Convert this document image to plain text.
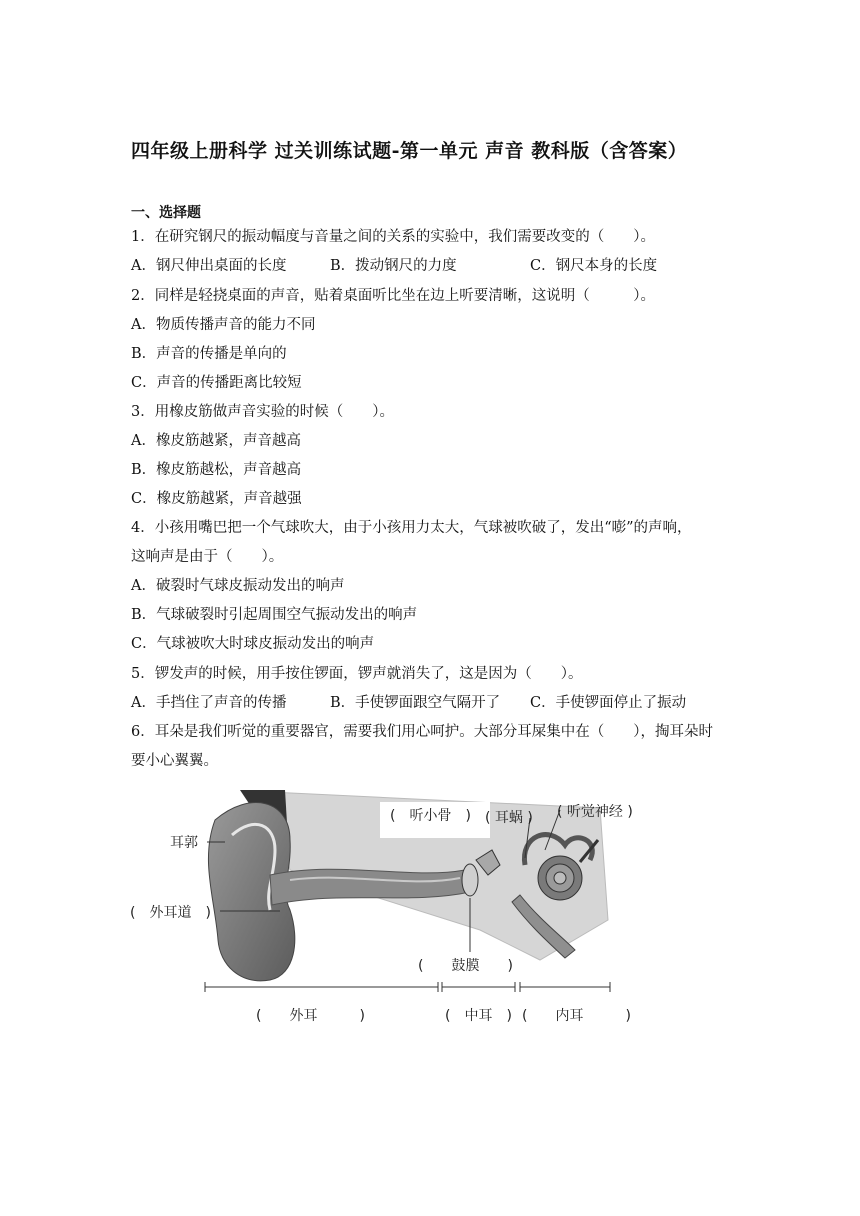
四年级上册科学 过关训练试题-第一单元 声音 教科版（含答案）
一、选择题
1．在研究钢尺的振动幅度与音量之间的关系的实验中，我们需要改变的（　　）。
A．钢尺伸出桌面的长度	B．拨动钢尺的力度	C．钢尺本身的长度
2．同样是轻挠桌面的声音，贴着桌面听比坐在边上听要清晰，这说明（　　　）。
A．物质传播声音的能力不同
B．声音的传播是单向的
C．声音的传播距离比较短
3．用橡皮筋做声音实验的时候（　　）。
A．橡皮筋越紧，声音越高
B．橡皮筋越松，声音越高
C．橡皮筋越紧，声音越强
4．小孩用嘴巴把一个气球吹大，由于小孩用力太大，气球被吹破了，发出“嘭”的声响，
这响声是由于（　　）。
A．破裂时气球皮振动发出的响声
B．气球破裂时引起周围空气振动发出的响声
C．气球被吹大时球皮振动发出的响声
5．锣发声的时候，用手按住锣面，锣声就消失了，这是因为（　　）。
A．手挡住了声音的传播	B．手使锣面跟空气隔开了 C．手使锣面停止了振动
6．耳朵是我们听觉的重要器官，需要我们用心呵护。大部分耳屎集中在（　　），掏耳朵时
要小心翼翼。
(　听小骨　) ( 耳蜗 ) ( 听觉神经 )
耳郭
(　外耳道　)
(　　鼓膜　　)
(　　外耳　　　)	(　中耳　) (　　内耳　　　)
